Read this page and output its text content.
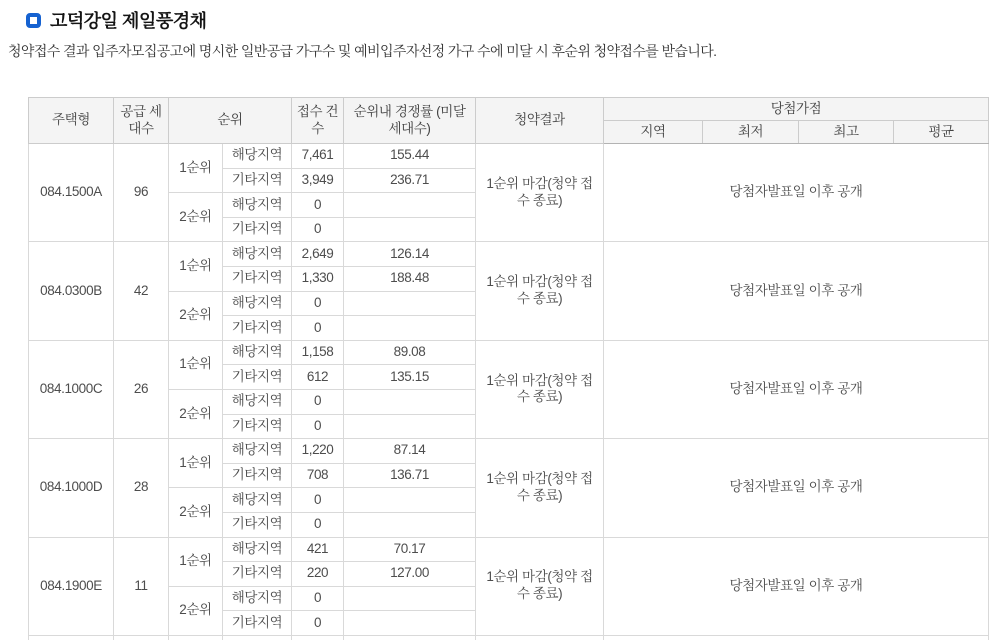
고덕강일 제일풍경채

청약접수 결과 입주자모집공고에 명시한 일반공급 가구수 및 예비입주자선정 가구 수에 미달 시 후순위 청약접수를 받습니다.

주택형	공급 세대수	순위		접수 건수	순위내 경쟁률 (미달 세대수)	청약결과	당첨가점			
							지역	최저	최고	평균
084.1500A	96	1순위	해당지역	7,461	155.44	1순위 마감(청약 접수 종료)	당첨자발표일 이후 공개			
			기타지역	3,949	236.71					
		2순위	해당지역	0						
			기타지역	0						
084.0300B	42	1순위	해당지역	2,649	126.14	1순위 마감(청약 접수 종료)	당첨자발표일 이후 공개			
			기타지역	1,330	188.48					
		2순위	해당지역	0						
			기타지역	0						
084.1000C	26	1순위	해당지역	1,158	89.08	1순위 마감(청약 접수 종료)	당첨자발표일 이후 공개			
			기타지역	612	135.15					
		2순위	해당지역	0						
			기타지역	0						
084.1000D	28	1순위	해당지역	1,220	87.14	1순위 마감(청약 접수 종료)	당첨자발표일 이후 공개			
			기타지역	708	136.71					
		2순위	해당지역	0						
			기타지역	0						
084.1900E	11	1순위	해당지역	421	70.17	1순위 마감(청약 접수 종료)	당첨자발표일 이후 공개			
			기타지역	220	127.00					
		2순위	해당지역	0						
			기타지역	0						
